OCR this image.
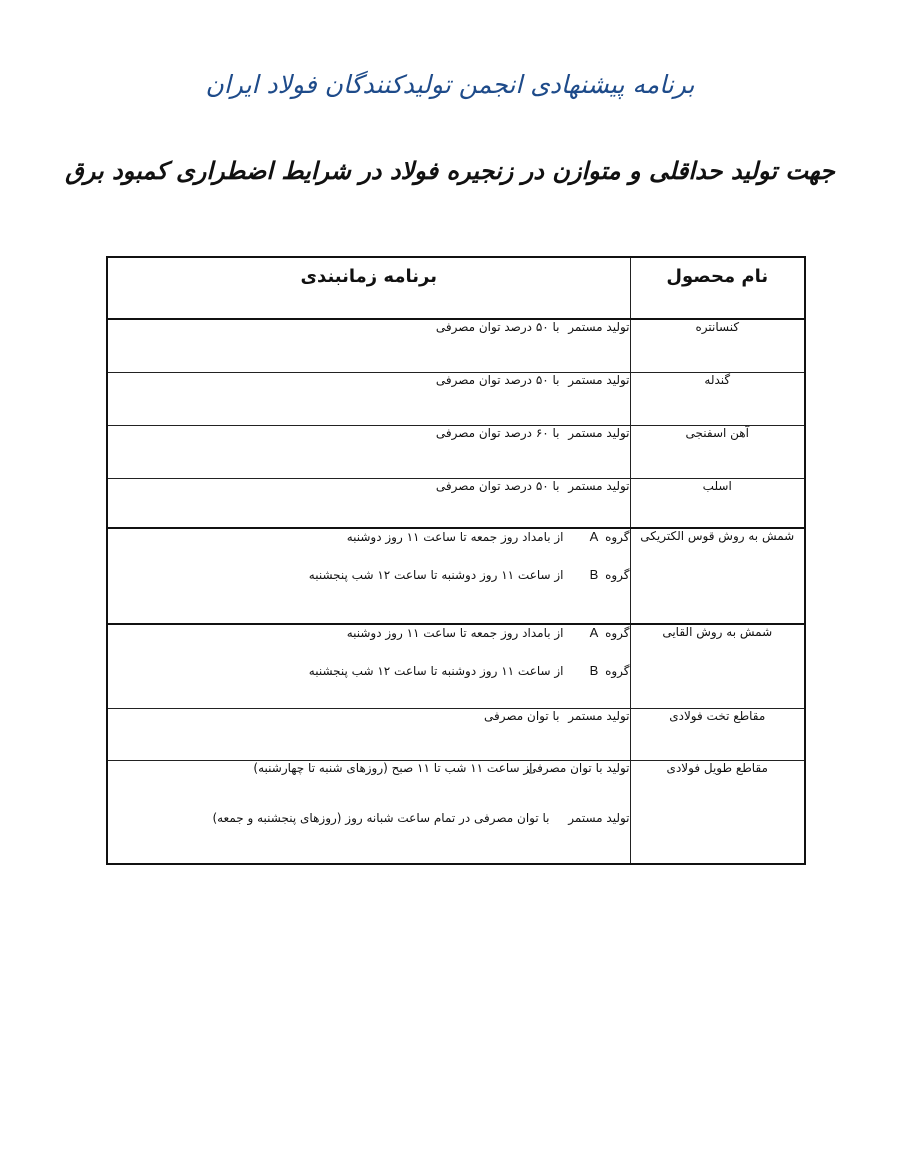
برنامه پیشنهادی انجمن تولیدکنندگان فولاد ایران
جهت تولید حداقلی و متوازن در زنجیره فولاد در شرایط اضطراری کمبود برق
نام محصول	برنامه زمانبندی
کنسانتره	تولید مستمر
با ۵۰ درصد توان مصرفی

گندله	تولید مستمر
با ۵۰ درصد توان مصرفی

آهن اسفنجی	تولید مستمر
با ۶۰ درصد توان مصرفی

اسلب	تولید مستمر
با ۵۰ درصد توان مصرفی

شمش به روش قوس الکتریکی	گروه A
از بامداد روز جمعه تا ساعت ۱۱ روز دوشنبه
گروه B
از ساعت ۱۱ روز دوشنبه تا ساعت ۱۲ شب پنجشنبه

شمش به روش القایی	گروه A
از بامداد روز جمعه تا ساعت ۱۱ روز دوشنبه
گروه B
از ساعت ۱۱ روز دوشنبه تا ساعت ۱۲ شب پنجشنبه

مقاطع تخت فولادی	تولید مستمر
با توان مصرفی

مقاطع طویل فولادی	تولید با توان مصرفی
از ساعت ۱۱ شب تا ۱۱ صبح (روزهای شنبه تا چهارشنبه)
تولید مستمر
با توان مصرفی در تمام ساعت شبانه روز (روزهای پنجشنبه و جمعه)
